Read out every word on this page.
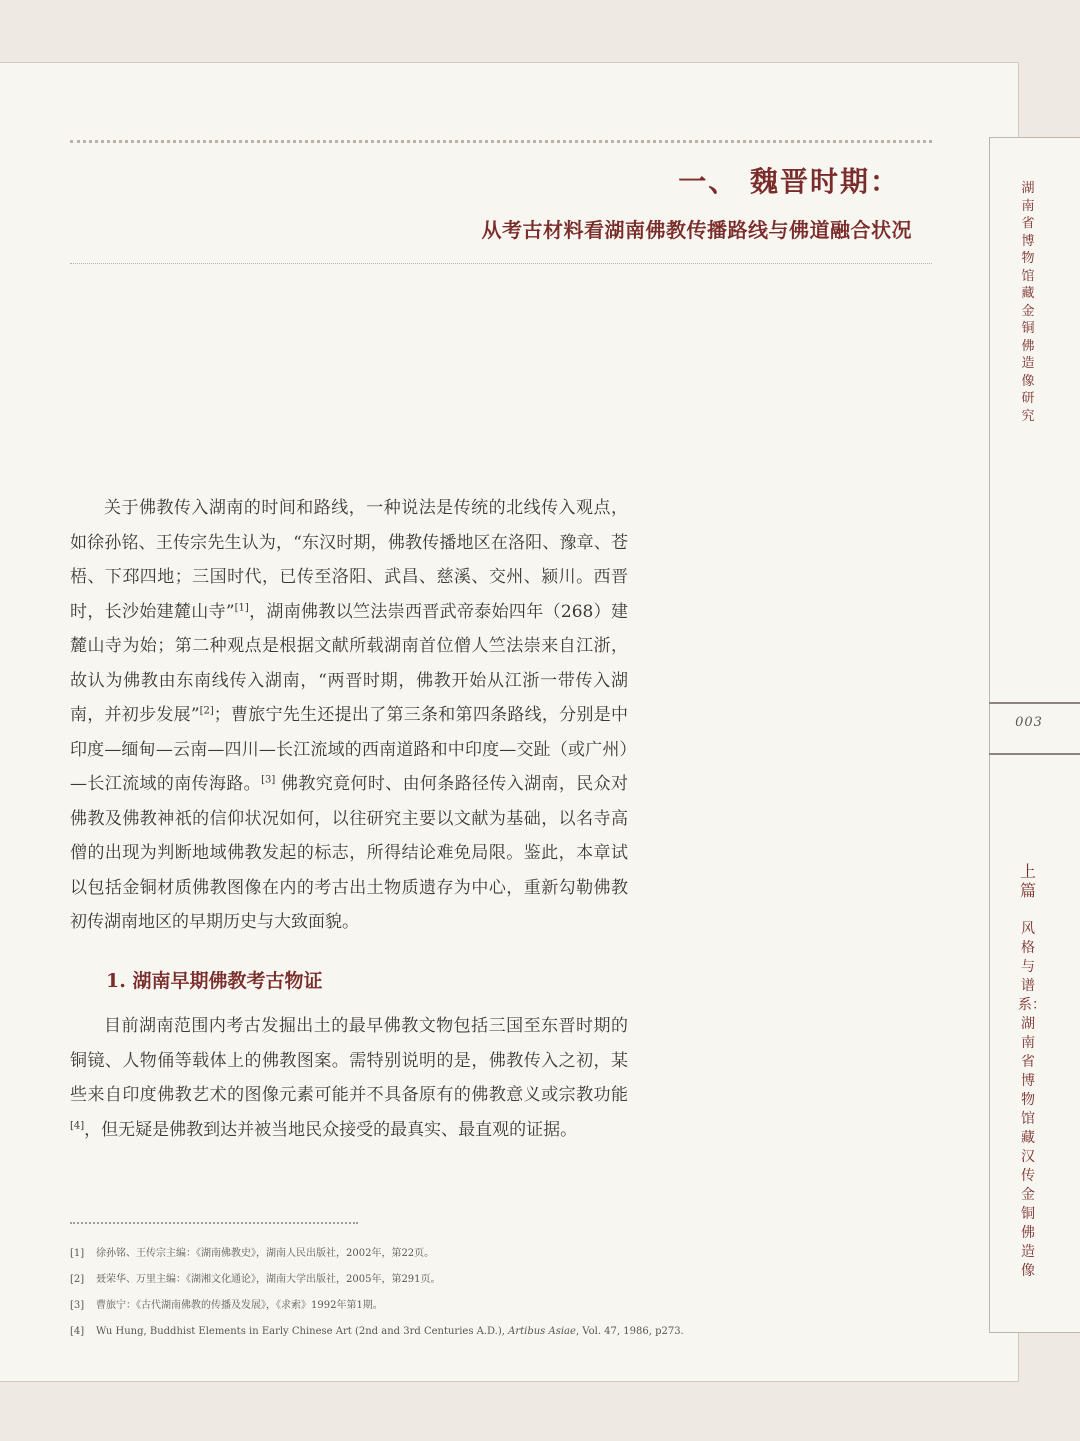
一、 魏晋时期：
从考古材料看湖南佛教传播路线与佛道融合状况

关于佛教传入湖南的时间和路线，一种说法是传统的北线传入观点，如徐孙铭、王传宗先生认为，“东汉时期，佛教传播地区在洛阳、豫章、苍梧、下邳四地；三国时代，已传至洛阳、武昌、慈溪、交州、颍川。西晋时，长沙始建麓山寺”[1]，湖南佛教以竺法崇西晋武帝泰始四年（268）建麓山寺为始；第二种观点是根据文献所载湖南首位僧人竺法崇来自江浙，故认为佛教由东南线传入湖南，“两晋时期，佛教开始从江浙一带传入湖南，并初步发展”[2]；曹旅宁先生还提出了第三条和第四条路线，分别是中印度—缅甸—云南—四川—长江流域的西南道路和中印度—交趾（或广州）—长江流域的南传海路。[3] 佛教究竟何时、由何条路径传入湖南，民众对佛教及佛教神祇的信仰状况如何，以往研究主要以文献为基础，以名寺高僧的出现为判断地域佛教发起的标志，所得结论难免局限。鉴此，本章试以包括金铜材质佛教图像在内的考古出土物质遗存为中心，重新勾勒佛教初传湖南地区的早期历史与大致面貌。

1. 湖南早期佛教考古物证

目前湖南范围内考古发掘出土的最早佛教文物包括三国至东晋时期的铜镜、人物俑等载体上的佛教图案。需特别说明的是，佛教传入之初，某些来自印度佛教艺术的图像元素可能并不具备原有的佛教意义或宗教功能[4]，但无疑是佛教到达并被当地民众接受的最真实、最直观的证据。

[1] 徐孙铭、王传宗主编：《湖南佛教史》，湖南人民出版社，2002年，第22页。
[2] 聂荣华、万里主编：《湖湘文化通论》，湖南大学出版社，2005年，第291页。
[3] 曹旅宁：《古代湖南佛教的传播及发展》，《求索》1992年第1期。
[4] Wu Hung, Buddhist Elements in Early Chinese Art (2nd and 3rd Centuries A.D.), Artibus Asiae, Vol. 47, 1986, p273.
湖南省博物馆藏金铜佛造像研究
003
上篇
风格与谱系：湖南省博物馆藏汉传金铜佛造像
